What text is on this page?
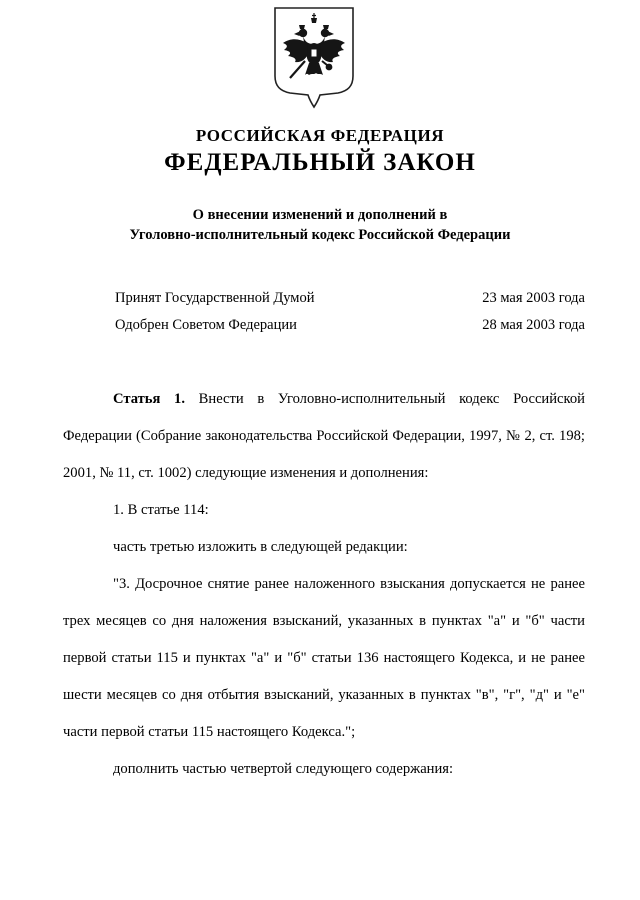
РОССИЙСКАЯ ФЕДЕРАЦИЯ
ФЕДЕРАЛЬНЫЙ ЗАКОН
О внесении изменений и дополнений в
Уголовно-исполнительный кодекс Российской Федерации
Принят Государственной Думой	23 мая 2003 года
Одобрен Советом Федерации	28 мая 2003 года

Статья 1. Внести в Уголовно-исполнительный кодекс Российской Федерации (Собрание законодательства Российской Федерации, 1997, № 2, ст. 198; 2001, № 11, ст. 1002) следующие изменения и дополнения:

1. В статье 114:

часть третью изложить в следующей редакции:

"3. Досрочное снятие ранее наложенного взыскания допускается не ранее трех месяцев со дня наложения взысканий, указанных в пунктах "а" и "б" части первой статьи 115 и пунктах "а" и "б" статьи 136 настоящего Кодекса, и не ранее шести месяцев со дня отбытия взысканий, указанных в пунктах "в", "г", "д" и "е" части первой статьи 115 настоящего Кодекса.";

дополнить частью четвертой следующего содержания:
